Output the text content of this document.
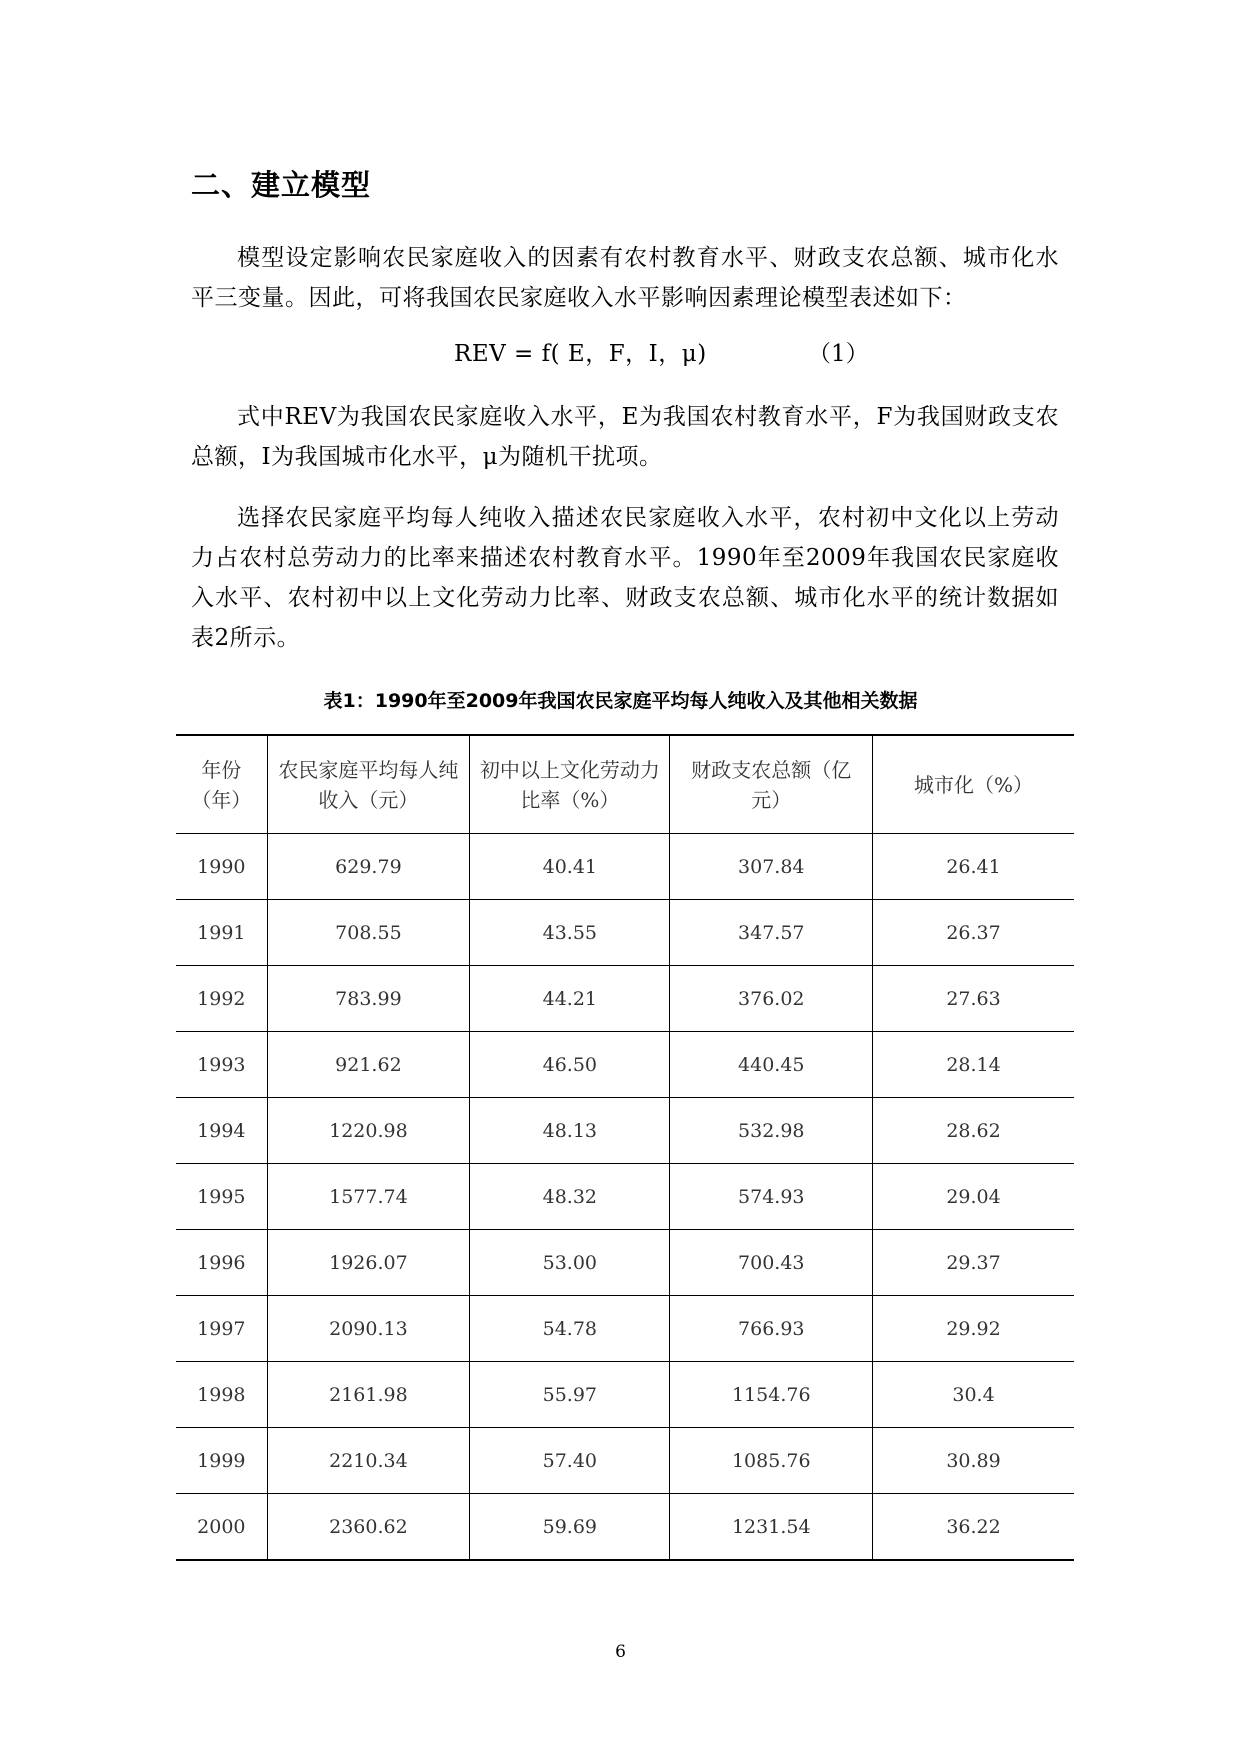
二、建立模型

模型设定影响农民家庭收入的因素有农村教育水平、财政支农总额、城市化水平三变量。因此，可将我国农民家庭收入水平影响因素理论模型表述如下：

REV = f( E，F，I，μ)	（1）

式中REV为我国农民家庭收入水平，E为我国农村教育水平，F为我国财政支农总额，I为我国城市化水平，μ为随机干扰项。

选择农民家庭平均每人纯收入描述农民家庭收入水平，农村初中文化以上劳动力占农村总劳动力的比率来描述农村教育水平。1990年至2009年我国农民家庭收入水平、农村初中以上文化劳动力比率、财政支农总额、城市化水平的统计数据如表2所示。

表1：1990年至2009年我国农民家庭平均每人纯收入及其他相关数据

年份（年）	农民家庭平均每人纯收入（元）	初中以上文化劳动力比率（%）	财政支农总额（亿元）	城市化（%）
1990	629.79	40.41	307.84	26.41
1991	708.55	43.55	347.57	26.37
1992	783.99	44.21	376.02	27.63
1993	921.62	46.50	440.45	28.14
1994	1220.98	48.13	532.98	28.62
1995	1577.74	48.32	574.93	29.04
1996	1926.07	53.00	700.43	29.37
1997	2090.13	54.78	766.93	29.92
1998	2161.98	55.97	1154.76	30.4
1999	2210.34	57.40	1085.76	30.89
2000	2360.62	59.69	1231.54	36.22

6
